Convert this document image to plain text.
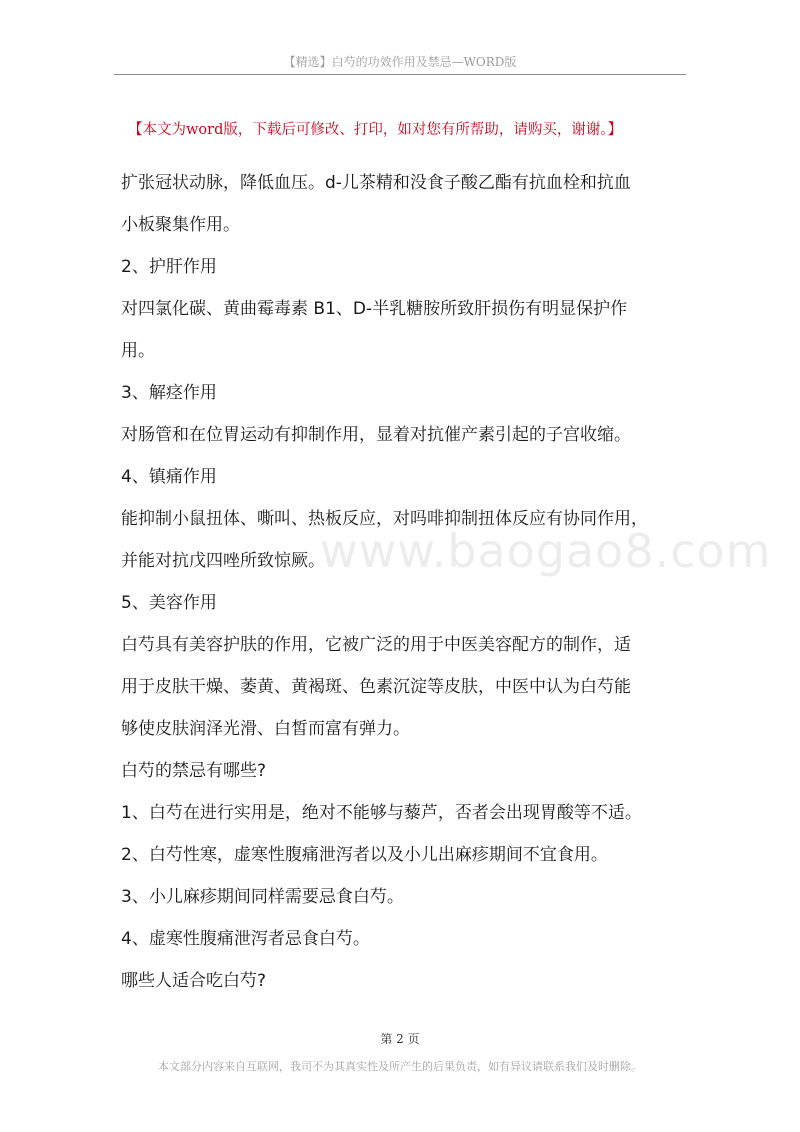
【精选】白芍的功效作用及禁忌—WORD版
【本文为word版，下载后可修改、打印，如对您有所帮助，请购买，谢谢。】
扩张冠状动脉，降低血压。d-儿茶精和没食子酸乙酯有抗血栓和抗血
小板聚集作用。
2、护肝作用
对四氯化碳、黄曲霉毒素 B1、D-半乳糖胺所致肝损伤有明显保护作
用。
3、解痉作用
对肠管和在位胃运动有抑制作用，显着对抗催产素引起的子宫收缩。
4、镇痛作用
能抑制小鼠扭体、嘶叫、热板反应，对吗啡抑制扭体反应有协同作用，
并能对抗戊四唑所致惊厥。
5、美容作用
白芍具有美容护肤的作用，它被广泛的用于中医美容配方的制作，适
用于皮肤干燥、萎黄、黄褐斑、色素沉淀等皮肤，中医中认为白芍能
够使皮肤润泽光滑、白皙而富有弹力。
白芍的禁忌有哪些?
1、白芍在进行实用是，绝对不能够与藜芦，否者会出现胃酸等不适。
2、白芍性寒，虚寒性腹痛泄泻者以及小儿出麻疹期间不宜食用。
3、小儿麻疹期间同样需要忌食白芍。
4、虚寒性腹痛泄泻者忌食白芍。
哪些人适合吃白芍?
www.baogao8.com
第 2 页
本文部分内容来自互联网，我司不为其真实性及所产生的后果负责，如有异议请联系我们及时删除。
